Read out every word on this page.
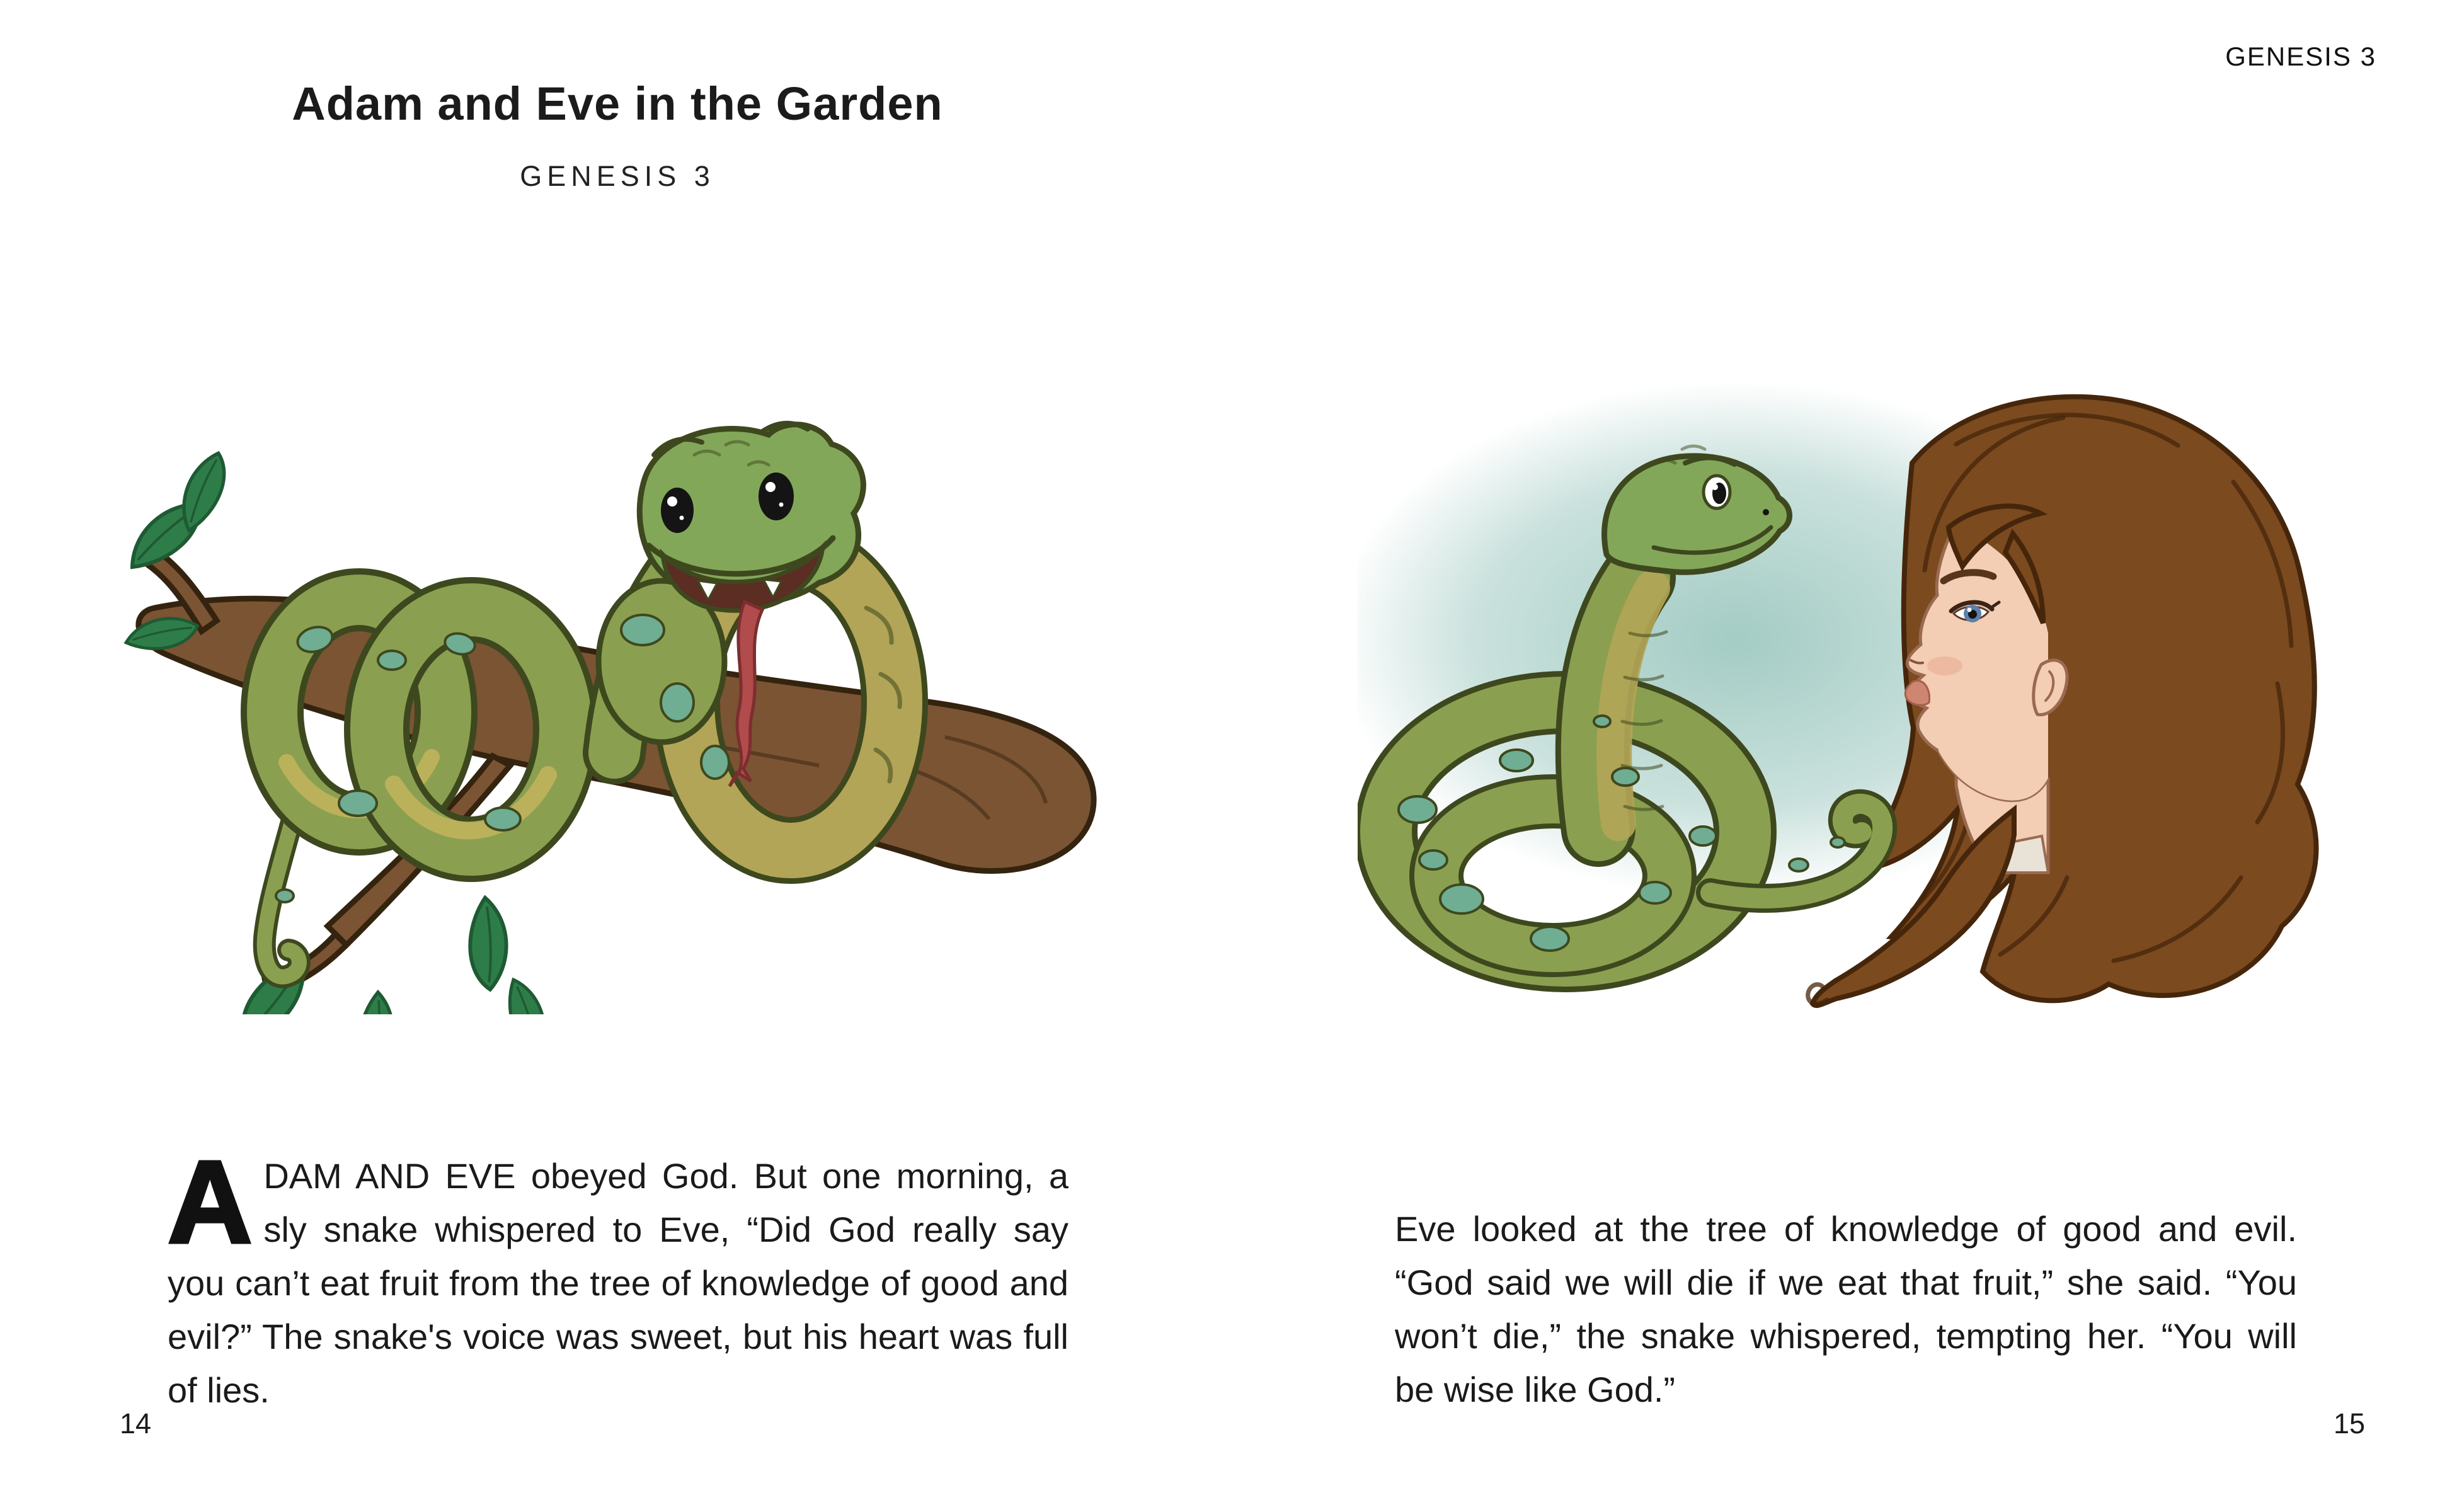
GENESIS 3
Adam and Eve in the Garden
GENESIS 3

ADAM AND EVE obeyed God. But one morning, a sly snake whispered to Eve, “Did God really say you can’t eat fruit from the tree of knowledge of good and evil?” The snake's voice was sweet, but his heart was full of lies.

Eve looked at the tree of knowledge of good and evil. “God said we will die if we eat that fruit,” she said. “You won’t die,” the snake whispered, tempting her. “You will be wise like God.”

14	15
